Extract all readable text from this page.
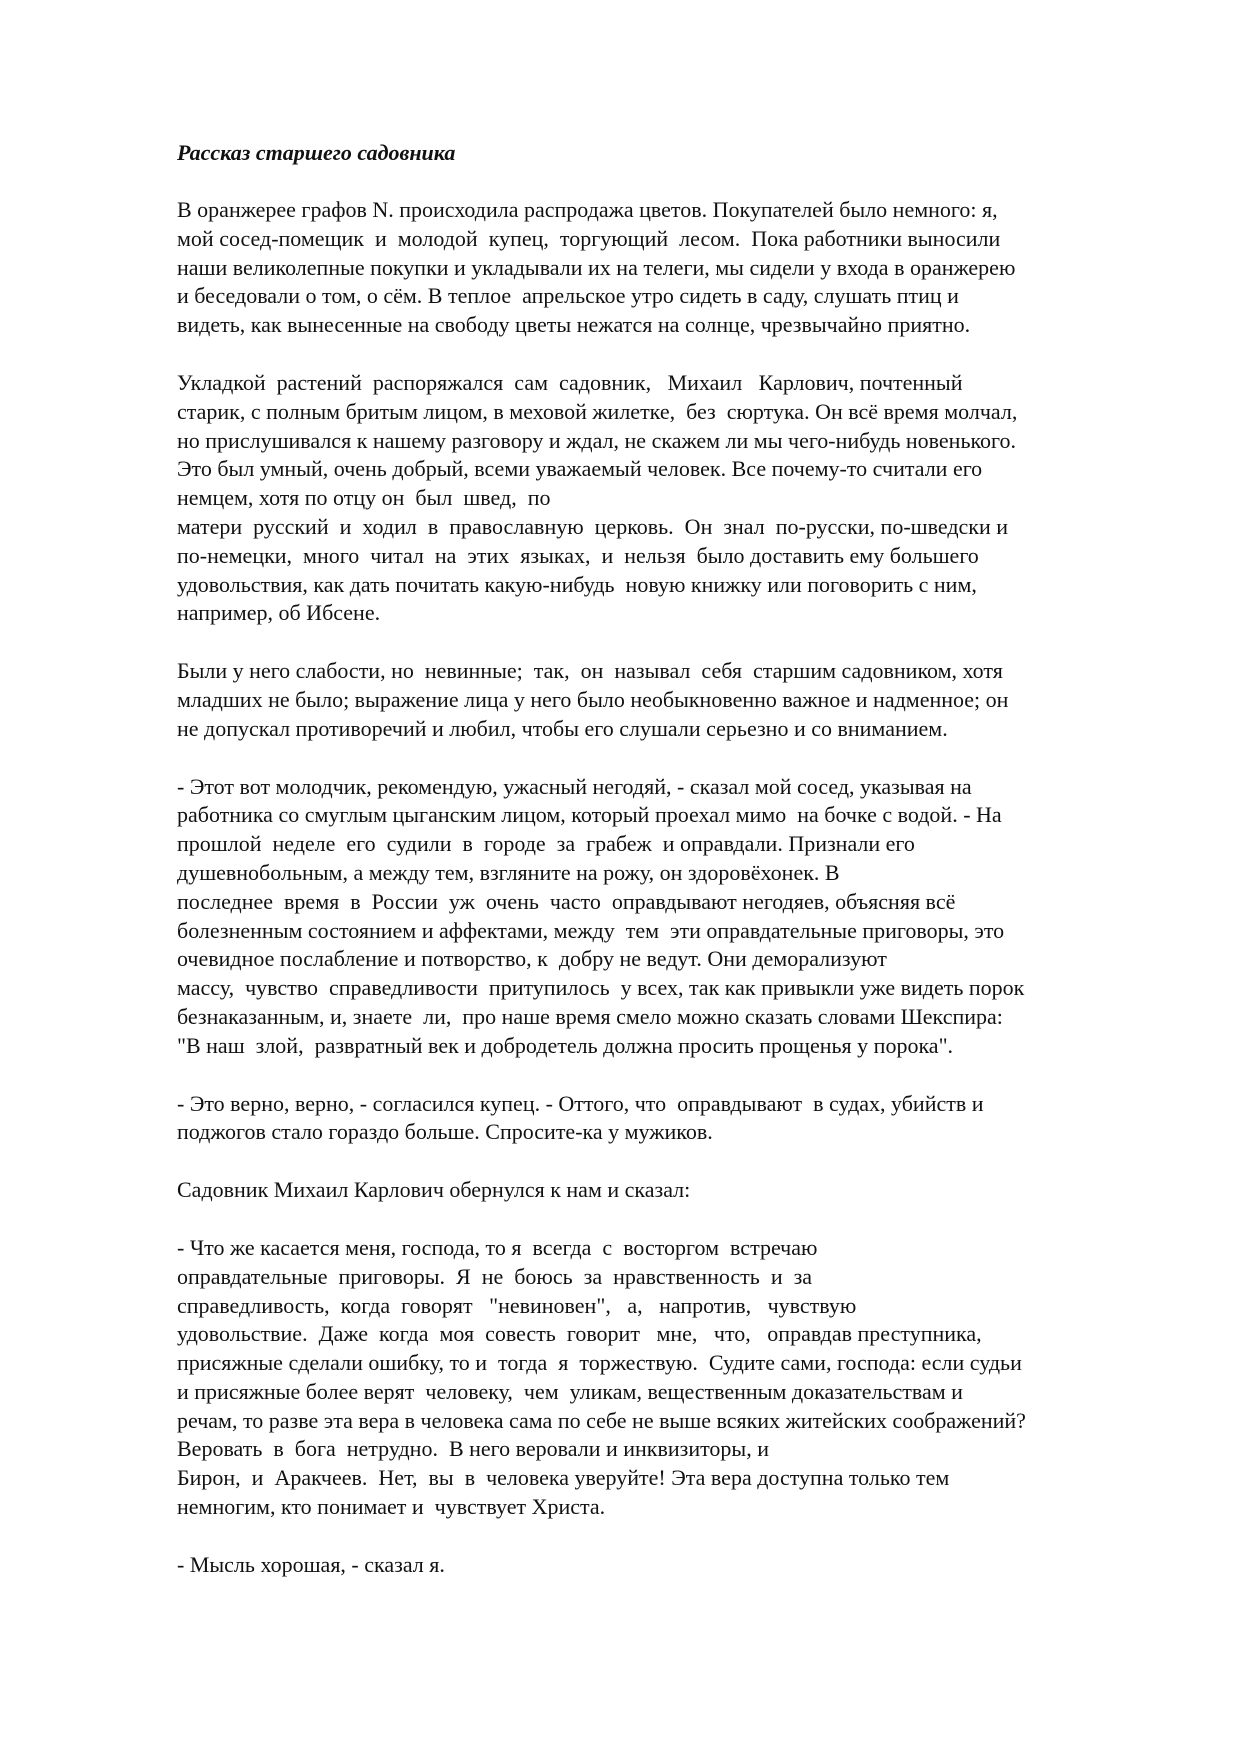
Рассказ старшего садовника
В оранжерее графов N. происходила распродажа цветов. Покупателей было немного: я,
мой сосед-помещик  и  молодой  купец,  торгующий  лесом.  Пока работники выносили
наши великолепные покупки и укладывали их на телеги, мы сидели у входа в оранжерею
и беседовали о том, о сём. В теплое  апрельское утро сидеть в саду, слушать птиц и
видеть, как вынесенные на свободу цветы нежатся на солнце, чрезвычайно приятно.
Укладкой  растений  распоряжался  сам  садовник,   Михаил   Карлович, почтенный
старик, с полным бритым лицом, в меховой жилетке,  без  сюртука. Он всё время молчал,
но прислушивался к нашему разговору и ждал, не скажем ли мы чего-нибудь новенького.
Это был умный, очень добрый, всеми уважаемый человек. Все почему-то считали его
немцем, хотя по отцу он  был  швед,  по
матери  русский  и  ходил  в  православную  церковь.  Он  знал  по-русски, по-шведски и
по-немецки,  много  читал  на  этих  языках,  и  нельзя  было доставить ему большего
удовольствия, как дать почитать какую-нибудь  новую книжку или поговорить с ним,
например, об Ибсене.
Были у него слабости, но  невинные;  так,  он  называл  себя  старшим садовником, хотя
младших не было; выражение лица у него было необыкновенно важное и надменное; он
не допускал противоречий и любил, чтобы его слушали серьезно и со вниманием.
- Этот вот молодчик, рекомендую, ужасный негодяй, - сказал мой сосед, указывая на
работника со смуглым цыганским лицом, который проехал мимо  на бочке с водой. - На
прошлой  неделе  его  судили  в  городе  за  грабеж  и оправдали. Признали его
душевнобольным, а между тем, взгляните на рожу, он здоровёхонек. В
последнее  время  в  России  уж  очень  часто  оправдывают негодяев, объясняя всё
болезненным состоянием и аффектами, между  тем  эти оправдательные приговоры, это
очевидное послабление и потворство, к  добру не ведут. Они деморализуют
массу,  чувство  справедливости  притупилось  у всех, так как привыкли уже видеть порок
безнаказанным, и, знаете  ли,  про наше время смело можно сказать словами Шекспира:
"В наш  злой,  развратный век и добродетель должна просить прощенья у порока".
- Это верно, верно, - согласился купец. - Оттого, что  оправдывают  в судах, убийств и
поджогов стало гораздо больше. Спросите-ка у мужиков.
Садовник Михаил Карлович обернулся к нам и сказал:
- Что же касается меня, господа, то я  всегда  с  восторгом  встречаю
оправдательные  приговоры.  Я  не  боюсь  за  нравственность  и  за
справедливость,  когда  говорят   "невиновен",   а,   напротив,   чувствую
удовольствие.  Даже  когда  моя  совесть  говорит   мне,   что,   оправдав преступника,
присяжные сделали ошибку, то и  тогда  я  торжествую.  Судите сами, господа: если судьи
и присяжные более верят  человеку,  чем  уликам, вещественным доказательствам и
речам, то разве эта вера в человека сама по себе не выше всяких житейских соображений?
Веровать  в  бога  нетрудно.  В него веровали и инквизиторы, и
Бирон,  и  Аракчеев.  Нет,  вы  в  человека уверуйте! Эта вера доступна только тем
немногим, кто понимает и  чувствует Христа.
- Мысль хорошая, - сказал я.
